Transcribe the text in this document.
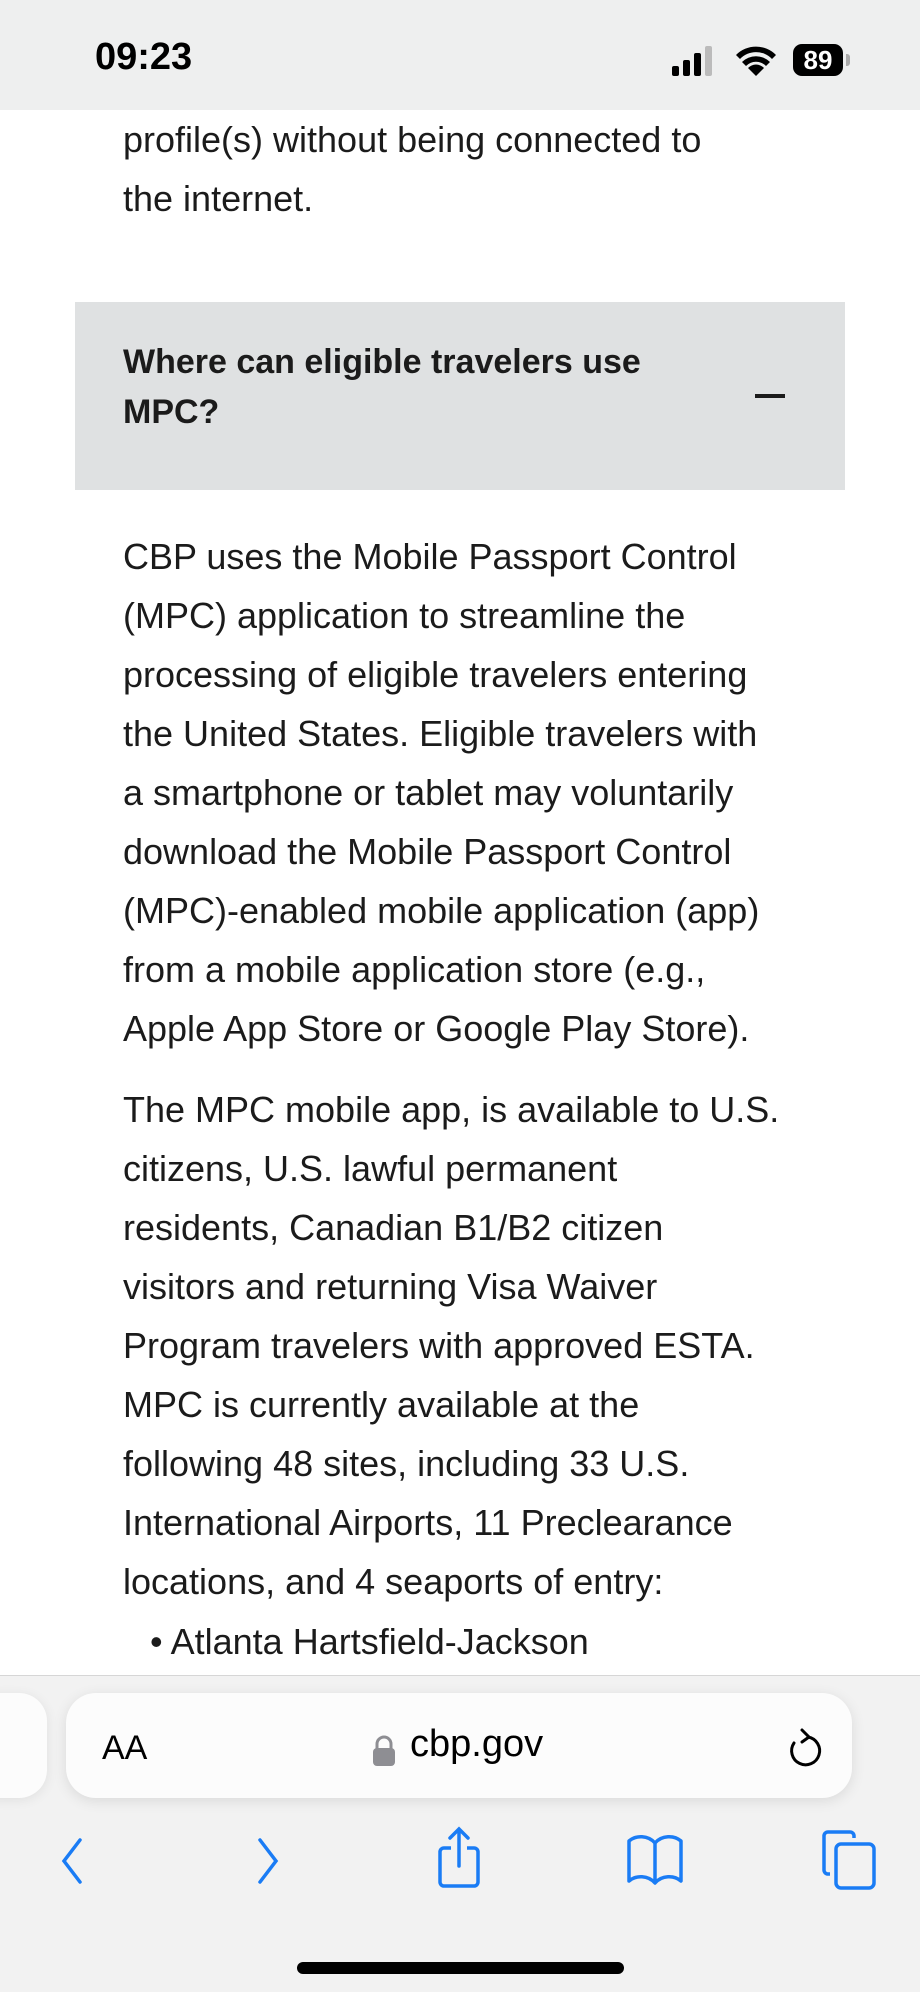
09:23	89
profile(s) without being connected to
the internet.
Where can eligible travelers use MPC?
CBP uses the Mobile Passport Control
(MPC) application to streamline the
processing of eligible travelers entering
the United States. Eligible travelers with
a smartphone or tablet may voluntarily
download the Mobile Passport Control
(MPC)-enabled mobile application (app)
from a mobile application store (e.g.,
Apple App Store or Google Play Store).
The MPC mobile app, is available to U.S.
citizens, U.S. lawful permanent
residents, Canadian B1/B2 citizen
visitors and returning Visa Waiver
Program travelers with approved ESTA.
MPC is currently available at the
following 48 sites, including 33 U.S.
International Airports, 11 Preclearance
locations, and 4 seaports of entry:
• Atlanta Hartsfield-Jackson
AA	cbp.gov
